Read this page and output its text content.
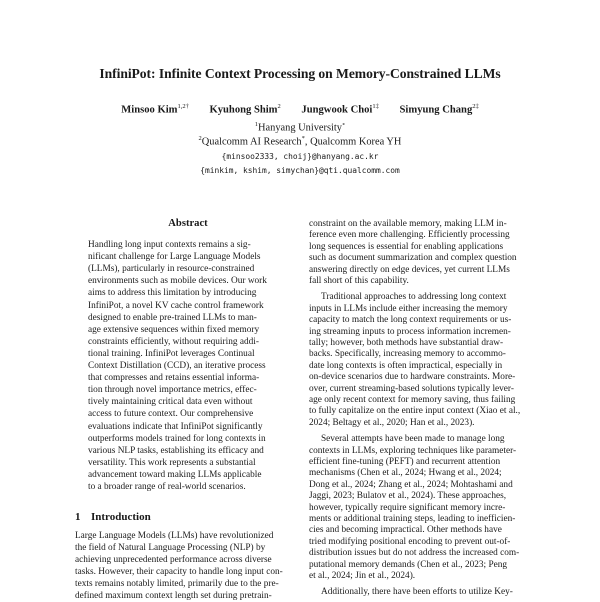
InfiniPot: Infinite Context Processing on Memory-Constrained LLMs
Minsoo Kim$^{1,2\dagger}$ Kyuhong Shim$^2$ Jungwook Choi$^{1\ddagger}$ Simyung Chang$^{2\ddagger}$
$^1$Hanyang University∘
$^2$Qualcomm AI Research*, Qualcomm Korea YH
{minsoo2333, choij}@hanyang.ac.kr
{minkim, kshim, simychan}@qti.qualcomm.com
Abstract
Handling long input contexts remains a sig-
nificant challenge for Large Language Models
(LLMs), particularly in resource-constrained
environments such as mobile devices. Our work
aims to address this limitation by introducing
InfiniPot, a novel KV cache control framework
designed to enable pre-trained LLMs to man-
age extensive sequences within fixed memory
constraints efficiently, without requiring addi-
tional training. InfiniPot leverages Continual
Context Distillation (CCD), an iterative process
that compresses and retains essential informa-
tion through novel importance metrics, effec-
tively maintaining critical data even without
access to future context. Our comprehensive
evaluations indicate that InfiniPot significantly
outperforms models trained for long contexts in
various NLP tasks, establishing its efficacy and
versatility. This work represents a substantial
advancement toward making LLMs applicable
to a broader range of real-world scenarios.
1 Introduction
Large Language Models (LLMs) have revolutionized
the field of Natural Language Processing (NLP) by
achieving unprecedented performance across diverse
tasks. However, their capacity to handle long input con-
texts remains notably limited, primarily due to the pre-
defined maximum context length set during pretrain-
constraint on the available memory, making LLM in-
ference even more challenging. Efficiently processing
long sequences is essential for enabling applications
such as document summarization and complex question
answering directly on edge devices, yet current LLMs
fall short of this capability.
Traditional approaches to addressing long context
inputs in LLMs include either increasing the memory
capacity to match the long context requirements or us-
ing streaming inputs to process information incremen-
tally; however, both methods have substantial draw-
backs. Specifically, increasing memory to accommo-
date long contexts is often impractical, especially in
on-device scenarios due to hardware constraints. More-
over, current streaming-based solutions typically lever-
age only recent context for memory saving, thus failing
to fully capitalize on the entire input context (Xiao et al.,
2024; Beltagy et al., 2020; Han et al., 2023).
Several attempts have been made to manage long
contexts in LLMs, exploring techniques like parameter-
efficient fine-tuning (PEFT) and recurrent attention
mechanisms (Chen et al., 2024; Hwang et al., 2024;
Dong et al., 2024; Zhang et al., 2024; Mohtashami and
Jaggi, 2023; Bulatov et al., 2024). These approaches,
however, typically require significant memory incre-
ments or additional training steps, leading to inefficien-
cies and becoming impractical. Other methods have
tried modifying positional encoding to prevent out-of-
distribution issues but do not address the increased com-
putational memory demands (Chen et al., 2023; Peng
et al., 2024; Jin et al., 2024).
Additionally, there have been efforts to utilize Key-
